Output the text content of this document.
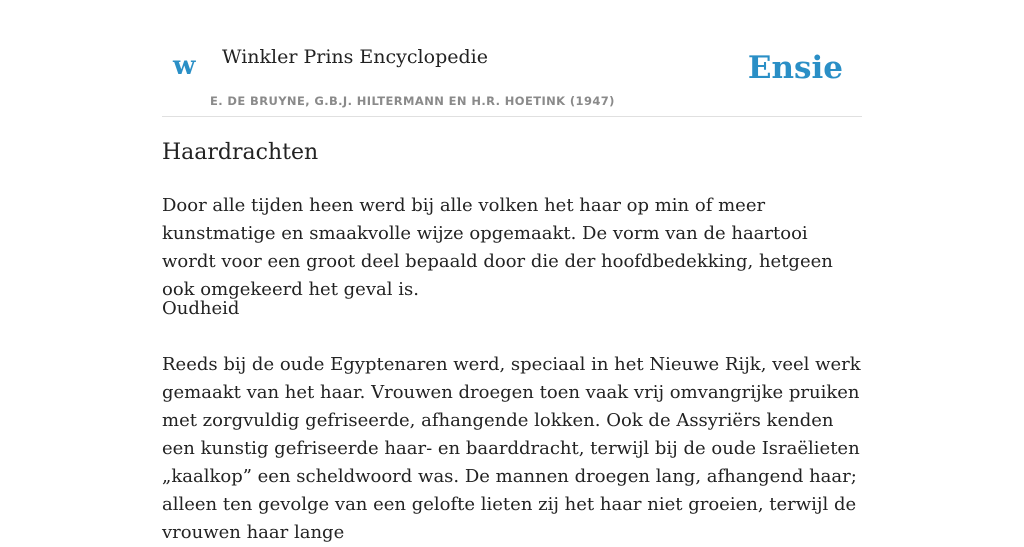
w Winkler Prins Encyclopedie	Ensie
E. DE BRUYNE, G.B.J. HILTERMANN EN H.R. HOETINK (1947)
Haardrachten

Door alle tijden heen werd bij alle volken het haar op min of meer kunstmatige en smaakvolle wijze opgemaakt. De vorm van de haartooi wordt voor een groot deel bepaald door die der hoofdbedekking, hetgeen ook omgekeerd het geval is.

Oudheid

Reeds bij de oude Egyptenaren werd, speciaal in het Nieuwe Rijk, veel werk gemaakt van het haar. Vrouwen droegen toen vaak vrij omvangrijke pruiken met zorgvuldig gefriseerde, afhangende lokken. Ook de Assyriërs kenden een kunstig gefriseerde haar- en baarddracht, terwijl bij de oude Israëlieten „kaalkop” een scheldwoord was. De mannen droegen lang, afhangend haar; alleen ten gevolge van een gelofte lieten zij het haar niet groeien, terwijl de vrouwen haar lange
